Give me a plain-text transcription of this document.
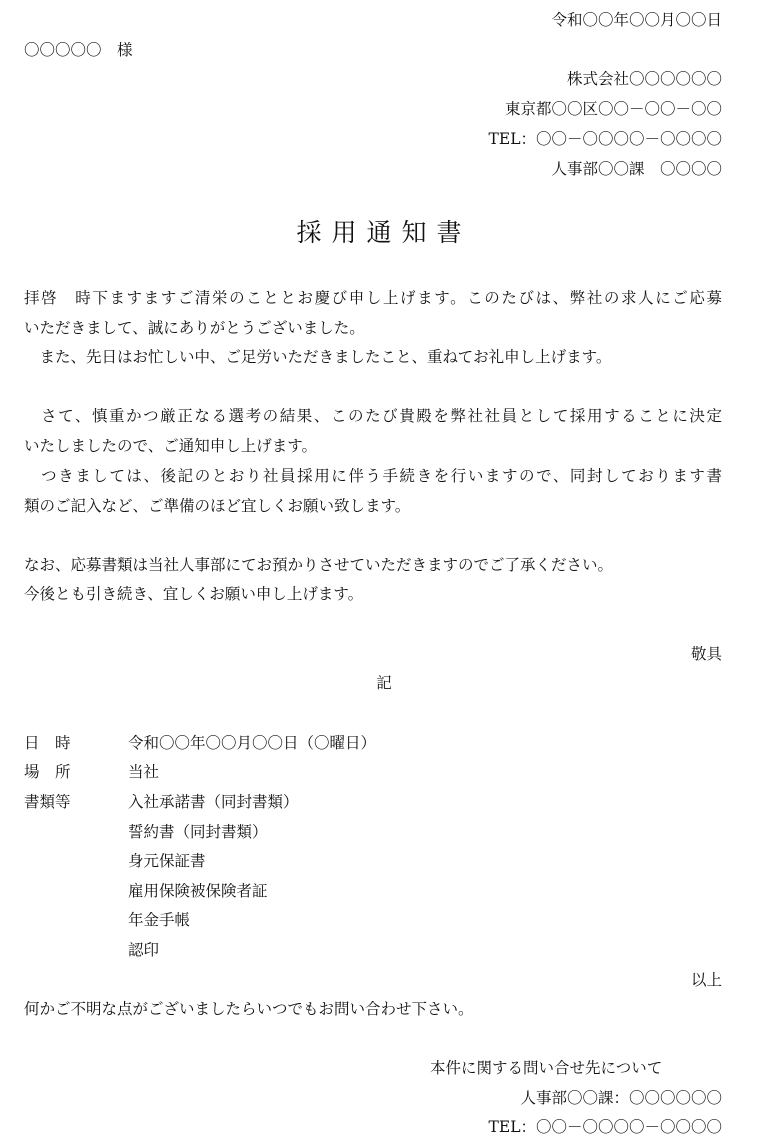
令和〇〇年〇〇月〇〇日
〇〇〇〇〇　様
株式会社〇〇〇〇〇〇
東京都〇〇区〇〇－〇〇－〇〇
TEL：〇〇－〇〇〇〇－〇〇〇〇
人事部〇〇課　〇〇〇〇
採用通知書
拝啓　時下ますますご清栄のこととお慶び申し上げます。このたびは、弊社の求人にご応募
いただきまして、誠にありがとうございました。
　また、先日はお忙しい中、ご足労いただきましたこと、重ねてお礼申し上げます。
　さて、慎重かつ厳正なる選考の結果、このたび貴殿を弊社社員として採用することに決定
いたしましたので、ご通知申し上げます。
　つきましては、後記のとおり社員採用に伴う手続きを行いますので、同封しております書
類のご記入など、ご準備のほど宜しくお願い致します。
なお、応募書類は当社人事部にてお預かりさせていただきますのでご了承ください。
今後とも引き続き、宜しくお願い申し上げます。
敬具
記
日　時	令和〇〇年〇〇月〇〇日（〇曜日）
場　所	当社
書類等	入社承諾書（同封書類）
誓約書（同封書類）
身元保証書
雇用保険被保険者証
年金手帳
認印
以上
何かご不明な点がございましたらいつでもお問い合わせ下さい。
本件に関する問い合せ先について
人事部〇〇課：〇〇〇〇〇〇
TEL：〇〇－〇〇〇〇－〇〇〇〇
